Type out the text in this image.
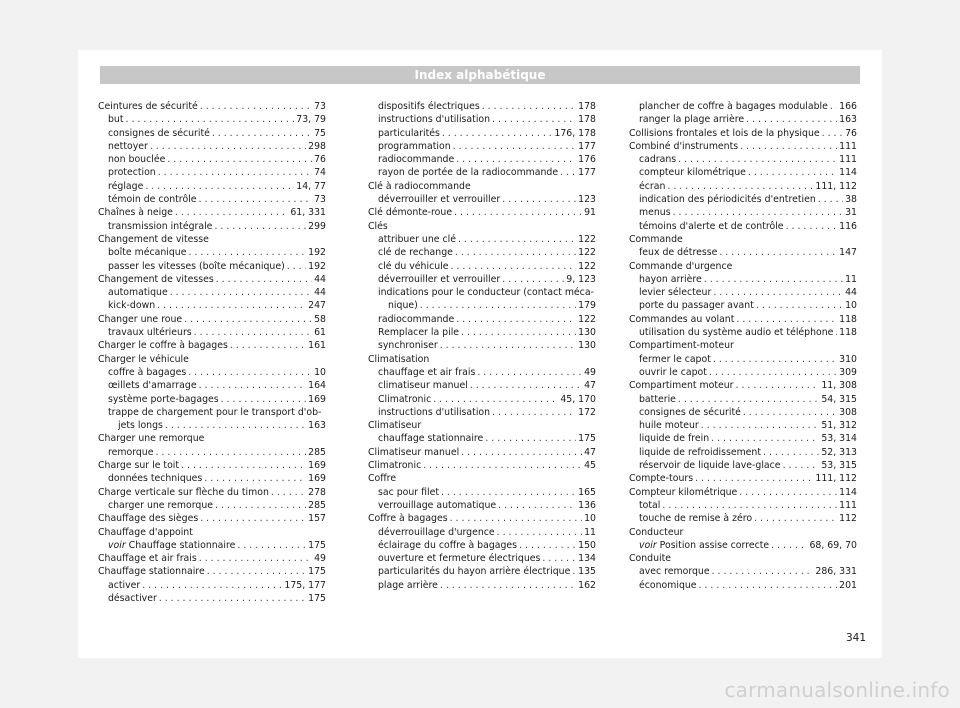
Index alphabétique
Ceintures de sécurité . . .	73
but . . .	73, 79
consignes de sécurité . . .	75
nettoyer . . .	298
non bouclée . . .	76
protection . . .	74
réglage . . .	14, 77
témoin de contrôle . . .	73
Chaînes à neige . . .	61, 331
transmission intégrale . . .	299
Changement de vitesse
boîte mécanique . . .	192
passer les vitesses (boîte mécanique) . . .	192
Changement de vitesses . . .	44
automatique . . .	44
kick-down . . .	247
Changer une roue . . .	58
travaux ultérieurs . . .	61
Charger le coffre à bagages . . .	161
Charger le véhicule
coffre à bagages . . .	10
œillets d'amarrage . . .	164
système porte-bagages . . .	169
trappe de chargement pour le transport d'ob-
jets longs . . .	163
Charger une remorque
remorque . . .	285
Charge sur le toit . . .	169
données techniques . . .	169
Charge verticale sur flèche du timon . . .	278
charger une remorque . . .	285
Chauffage des sièges . . .	157
Chauffage d'appoint
voir Chauffage stationnaire . . .	175
Chauffage et air frais . . .	49
Chauffage stationnaire . . .	175
activer . . .	175, 177
désactiver . . .	175
dispositifs électriques . . .	178
instructions d'utilisation . . .	178
particularités . . .	176, 178
programmation . . .	177
radiocommande . . .	176
rayon de portée de la radiocommande . . . 177
Clé à radiocommande
déverrouiller et verrouiller . . .	123
Clé démonte-roue . . .	91
Clés
attribuer une clé . . .	122
clé de rechange . . .	122
clé du véhicule . . .	122
déverrouiller et verrouiller . . .	9, 123
indications pour le conducteur (contact méca-
nique) . . .	179
radiocommande . . .	122
Remplacer la pile . . .	130
synchroniser . . .	130
Climatisation
chauffage et air frais . . .	49
climatiseur manuel . . .	47
Climatronic . . .	45, 170
instructions d'utilisation . . .	172
Climatiseur
chauffage stationnaire . . .	175
Climatiseur manuel . . .	47
Climatronic . . .	45
Coffre
sac pour filet . . .	165
verrouillage automatique . . .	136
Coffre à bagages . . .	10
déverrouillage d'urgence . . .	11
éclairage du coffre à bagages . . .	150
ouverture et fermeture électriques . . .	134
particularités du hayon arrière électrique . . . 135
plage arrière . . .	162
plancher de coffre à bagages modulable . . . 166
ranger la plage arrière . . .	163
Collisions frontales et lois de la physique . . .	76
Combiné d'instruments . . .	111
cadrans . . .	111
compteur kilométrique . . .	114
écran . . .	111, 112
indication des périodicités d'entretien . . .	38
menus . . .	31
témoins d'alerte et de contrôle . . .	116
Commande
feux de détresse . . .	147
Commande d'urgence
hayon arrière . . .	11
levier sélecteur . . .	44
porte du passager avant . . .	10
Commandes au volant . . .	118
utilisation du système audio et téléphone . . . 118
Compartiment-moteur
fermer le capot . . .	310
ouvrir le capot . . .	309
Compartiment moteur . . .	11, 308
batterie . . .	54, 315
consignes de sécurité . . .	308
huile moteur . . .	51, 312
liquide de frein . . .	53, 314
liquide de refroidissement . . .	52, 313
réservoir de liquide lave-glace . . .	53, 315
Compte-tours . . .	111, 112
Compteur kilométrique . . .	114
total . . .	111
touche de remise à zéro . . .	112
Conducteur
voir Position assise correcte . . .	68, 69, 70
Conduite
avec remorque . . .	286, 331
économique . . .	201
341
carmanualsonline.info
